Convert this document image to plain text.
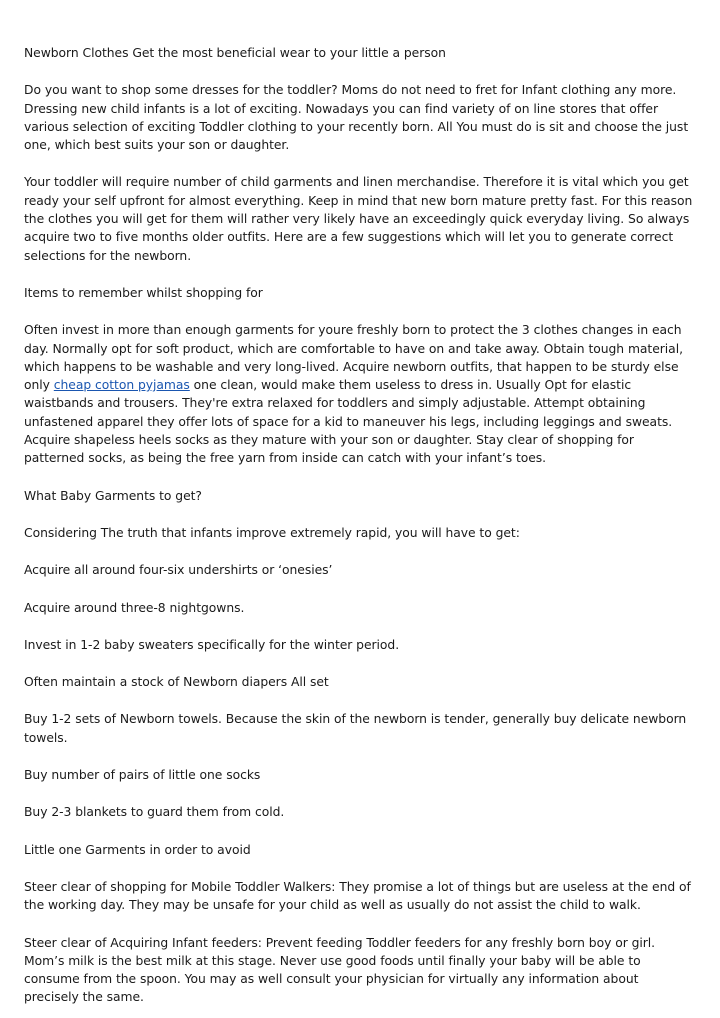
Newborn Clothes Get the most beneficial wear to your little a person

Do you want to shop some dresses for the toddler? Moms do not need to fret for Infant clothing any more. Dressing new child infants is a lot of exciting. Nowadays you can find variety of on line stores that offer various selection of exciting Toddler clothing to your recently born. All You must do is sit and choose the just one, which best suits your son or daughter.

Your toddler will require number of child garments and linen merchandise. Therefore it is vital which you get ready your self upfront for almost everything. Keep in mind that new born mature pretty fast. For this reason the clothes you will get for them will rather very likely have an exceedingly quick everyday living. So always acquire two to five months older outfits. Here are a few suggestions which will let you to generate correct selections for the newborn.

Items to remember whilst shopping for

Often invest in more than enough garments for youre freshly born to protect the 3 clothes changes in each day. Normally opt for soft product, which are comfortable to have on and take away. Obtain tough material, which happens to be washable and very long-lived. Acquire newborn outfits, that happen to be sturdy else only cheap cotton pyjamas one clean, would make them useless to dress in. Usually Opt for elastic waistbands and trousers. They're extra relaxed for toddlers and simply adjustable. Attempt obtaining unfastened apparel they offer lots of space for a kid to maneuver his legs, including leggings and sweats. Acquire shapeless heels socks as they mature with your son or daughter. Stay clear of shopping for patterned socks, as being the free yarn from inside can catch with your infant’s toes.

What Baby Garments to get?

Considering The truth that infants improve extremely rapid, you will have to get:

Acquire all around four-six undershirts or ‘onesies’

Acquire around three-8 nightgowns.

Invest in 1-2 baby sweaters specifically for the winter period.

Often maintain a stock of Newborn diapers All set

Buy 1-2 sets of Newborn towels. Because the skin of the newborn is tender, generally buy delicate newborn towels.

Buy number of pairs of little one socks

Buy 2-3 blankets to guard them from cold.

Little one Garments in order to avoid

Steer clear of shopping for Mobile Toddler Walkers: They promise a lot of things but are useless at the end of the working day. They may be unsafe for your child as well as usually do not assist the child to walk.

Steer clear of Acquiring Infant feeders: Prevent feeding Toddler feeders for any freshly born boy or girl. Mom’s milk is the best milk at this stage. Never use good foods until finally your baby will be able to consume from the spoon. You may as well consult your physician for virtually any information about precisely the same.
